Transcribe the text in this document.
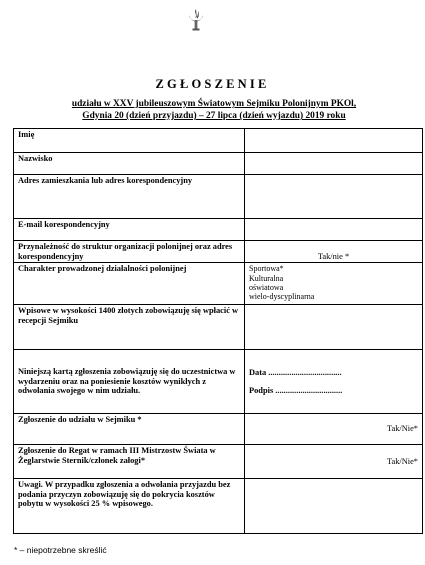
ZGŁOSZENIE
udziału w XXV jubileuszowym Światowym Sejmiku Polonijnym PKOl,
Gdynia 20 (dzień przyjazdu) – 27 lipca (dzień wyjazdu) 2019 roku
Imię	
Nazwisko	
Adres zamieszkania lub adres korespondencyjny	
E-mail korespondencyjny	
Przynależność do struktur organizacji polonijnej oraz adres korespondencyjny	Tak/nie *
Charakter prowadzonej działalności polonijnej	Sportowa*
Kulturalna
oświatowa
wielo-dyscyplinarna

Wpisowe w wysokości 1400 złotych zobowiązuję się wpłacić w recepcji Sejmiku	
Niniejszą kartą zgłoszenia zobowiązuję się do uczestnictwa w wydarzeniu oraz na poniesienie kosztów wynikłych z odwołania swojego w nim udziału.	Data ...................................
Podpis ................................

Zgłoszenie do udziału w Sejmiku *	Tak/Nie*
Zgłoszenie do Regat w ramach III Mistrzostw Świata w Żeglarstwie Sternik/członek załogi*	Tak/Nie*
Uwagi. W przypadku zgłoszenia a odwołania przyjazdu bez podania przyczyn zobowiązuję się do pokrycia kosztów pobytu w wysokości 25 % wpisowego.	
* – niepotrzebne skreślić
